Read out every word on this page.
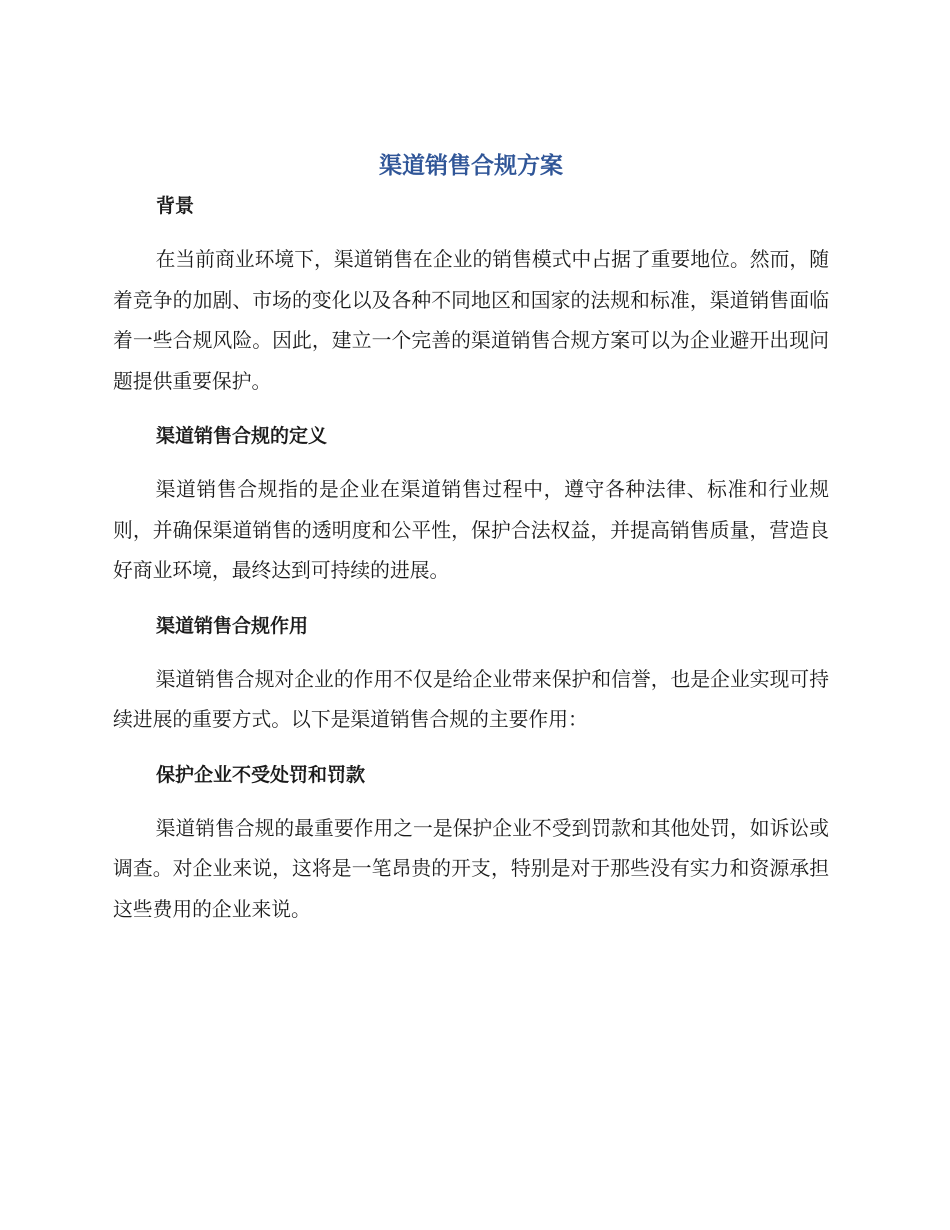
渠道销售合规方案
背景

在当前商业环境下，渠道销售在企业的销售模式中占据了重要地位。然而，随着竞争的加剧、市场的变化以及各种不同地区和国家的法规和标准，渠道销售面临着一些合规风险。因此，建立一个完善的渠道销售合规方案可以为企业避开出现问题提供重要保护。

渠道销售合规的定义

渠道销售合规指的是企业在渠道销售过程中，遵守各种法律、标准和行业规则，并确保渠道销售的透明度和公平性，保护合法权益，并提高销售质量，营造良好商业环境，最终达到可持续的进展。

渠道销售合规作用

渠道销售合规对企业的作用不仅是给企业带来保护和信誉，也是企业实现可持续进展的重要方式。以下是渠道销售合规的主要作用：

保护企业不受处罚和罚款

渠道销售合规的最重要作用之一是保护企业不受到罚款和其他处罚，如诉讼或调查。对企业来说，这将是一笔昂贵的开支，特别是对于那些没有实力和资源承担这些费用的企业来说。
